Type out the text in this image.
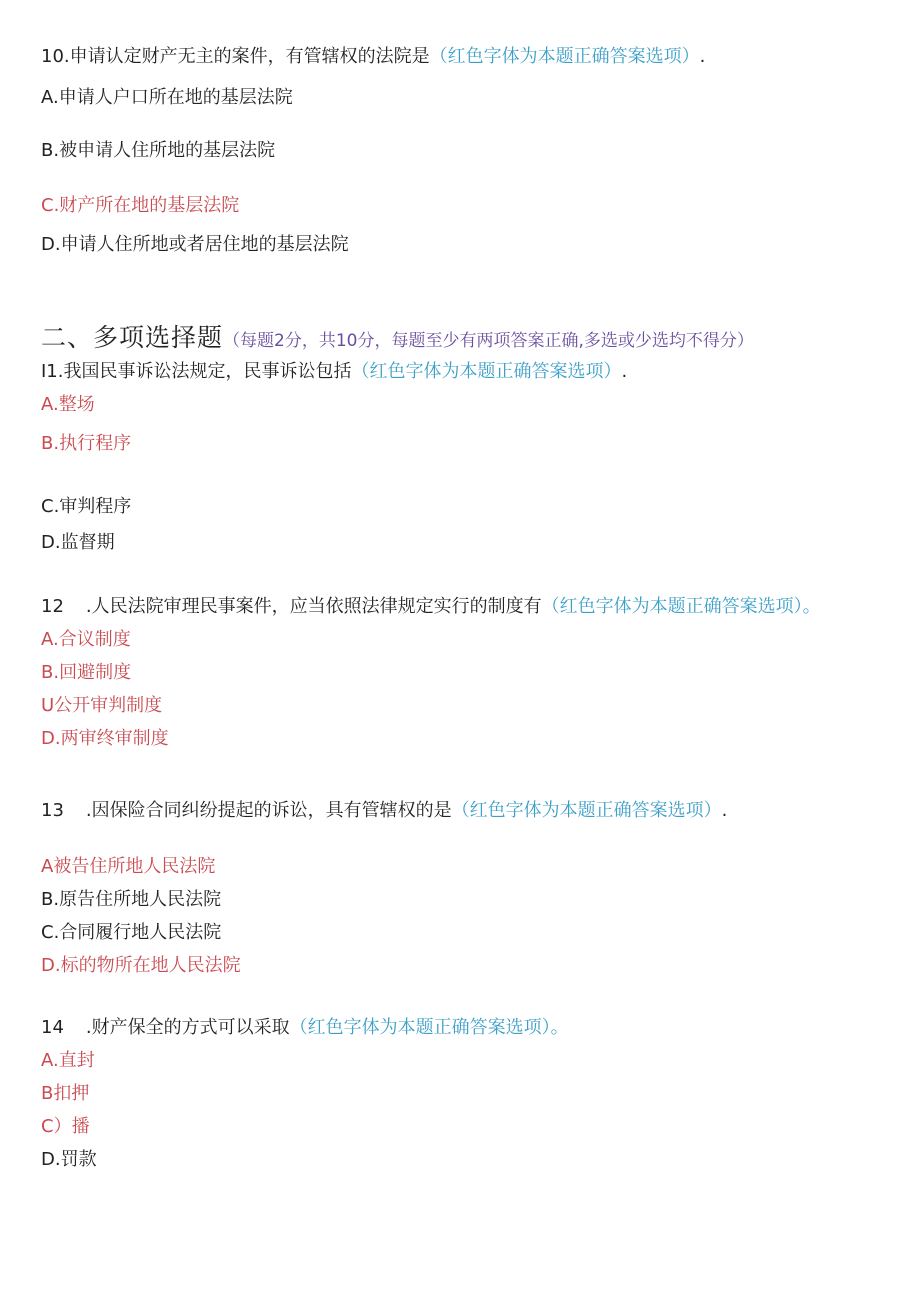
10.申请认定财产无主的案件，有管辖权的法院是（红色字体为本题正确答案选项）.
A.申请人户口所在地的基层法院
B.被申请人住所地的基层法院
C.财产所在地的基层法院
D.申请人住所地或者居住地的基层法院
二、多项选择题（每题2分，共10分，每题至少有两项答案正确,多选或少选均不得分）
I1.我国民事诉讼法规定，民事诉讼包括（红色字体为本题正确答案选项）.
A.整场
B.执行程序
C.审判程序
D.监督期
12 .人民法院审理民事案件，应当依照法律规定实行的制度有（红色字体为本题正确答案选项）。
A.合议制度
B.回避制度
U公开审判制度
D.两审终审制度
13 .因保险合同纠纷提起的诉讼，具有管辖权的是（红色字体为本题正确答案选项）.
A被告住所地人民法院
B.原告住所地人民法院
C.合同履行地人民法院
D.标的物所在地人民法院
14 .财产保全的方式可以采取（红色字体为本题正确答案选项）。
A.直封
B扣押
C）播
D.罚款
